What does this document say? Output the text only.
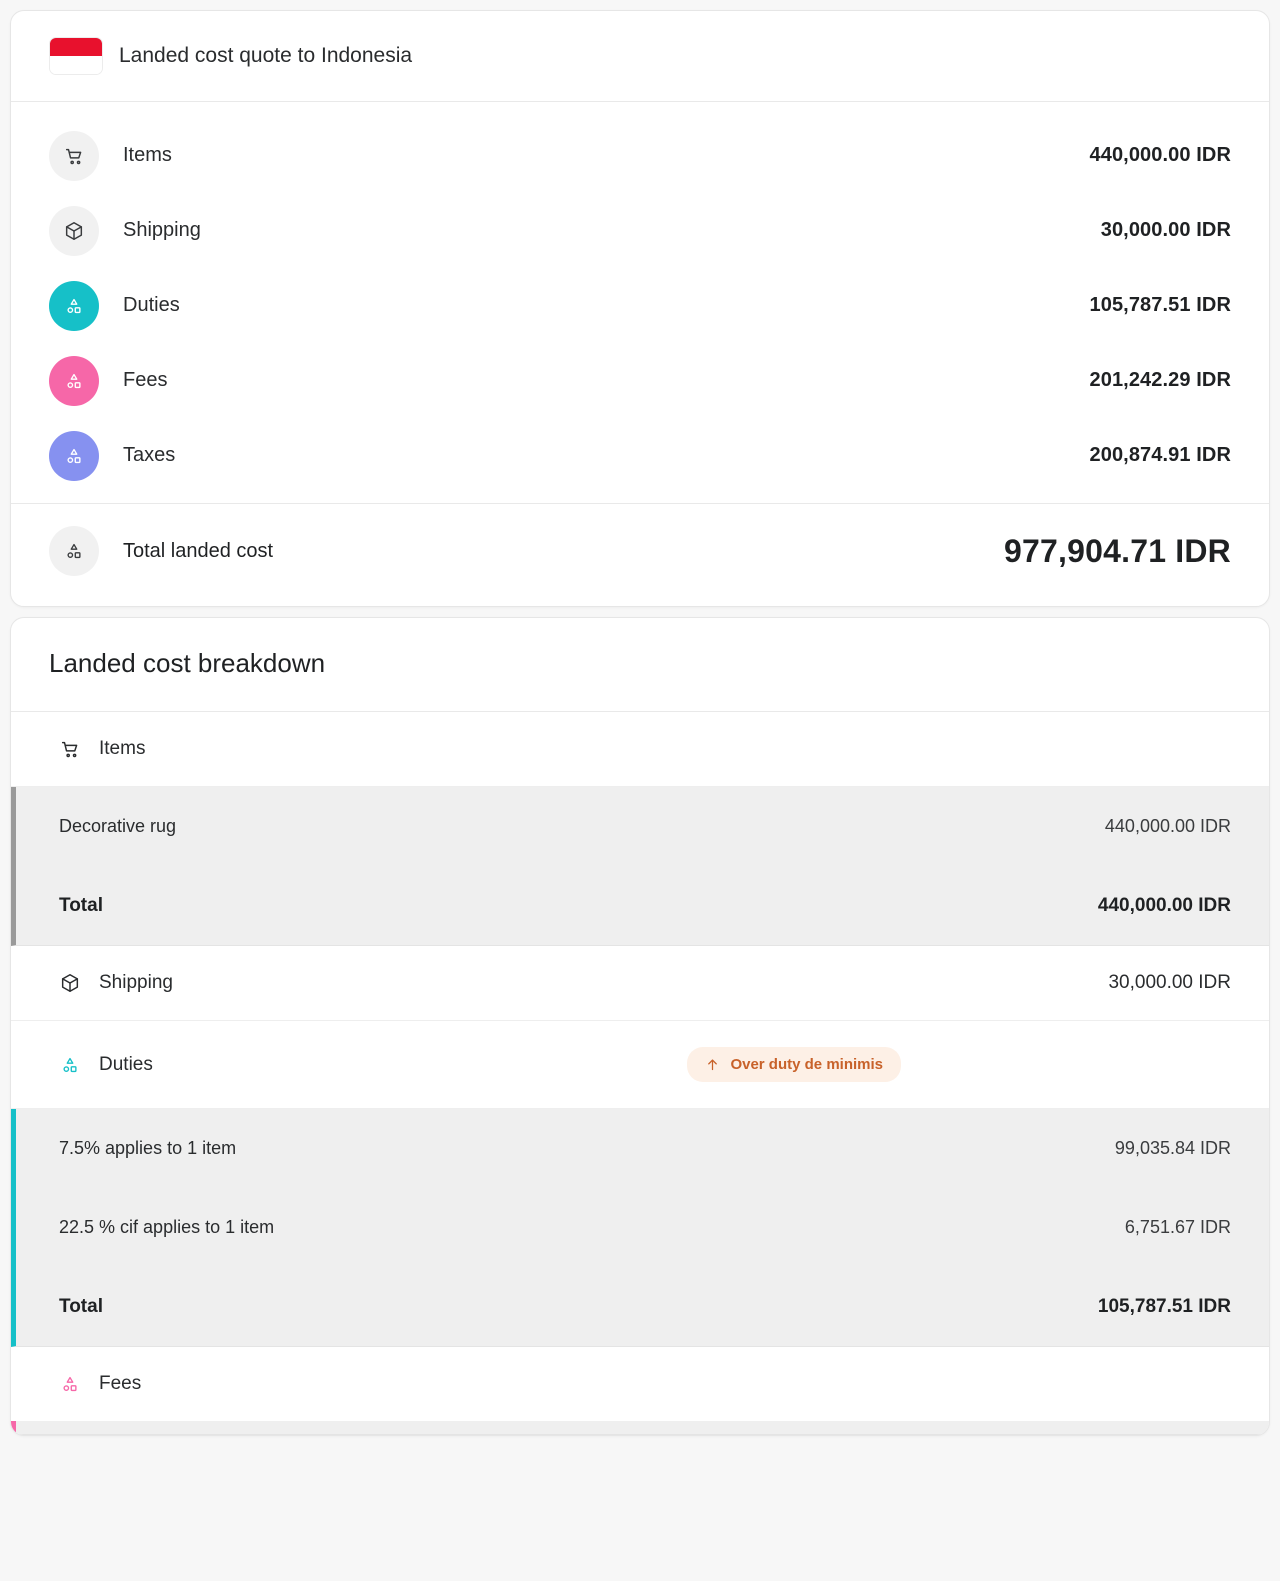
Landed cost quote to Indonesia
Items	440,000.00 IDR
Shipping	30,000.00 IDR
Duties	105,787.51 IDR
Fees	201,242.29 IDR
Taxes	200,874.91 IDR
Total landed cost	977,904.71 IDR
Landed cost breakdown
Items
Decorative rug	440,000.00 IDR
Total	440,000.00 IDR
Shipping	30,000.00 IDR
Duties	Over duty de minimis
7.5% applies to 1 item	99,035.84 IDR
22.5 % cif applies to 1 item	6,751.67 IDR
Total	105,787.51 IDR
Fees
